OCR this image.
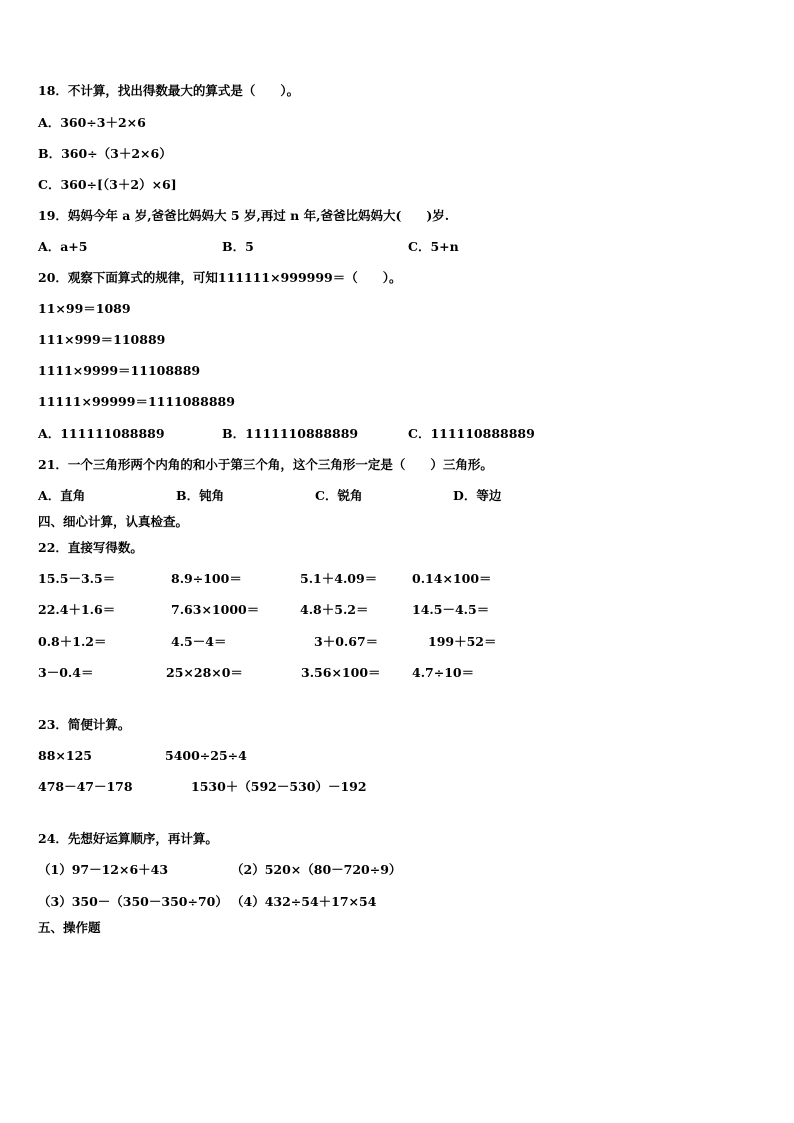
18．不计算，找出得数最大的算式是（　　）。
A．360÷3＋2×6
B．360÷（3＋2×6）
C．360÷[（3＋2）×6]
19．妈妈今年 a 岁,爸爸比妈妈大 5 岁,再过 n 年,爸爸比妈妈大(　　)岁.
A．a+5	B．5	C．5+n
20．观察下面算式的规律，可知111111×999999＝（　　）。
11×99＝1089
111×999＝110889
1111×9999＝11108889
11111×99999＝1111088889
A．111111088889	B．1111110888889	C．111110888889
21．一个三角形两个内角的和小于第三个角，这个三角形一定是（　　）三角形。
A．直角	B．钝角	C．锐角	D．等边
四、细心计算，认真检查。
22．直接写得数。
15.5－3.5＝	8.9÷100＝	5.1＋4.09＝	0.14×100＝
22.4＋1.6＝	7.63×1000＝	4.8＋5.2＝	14.5－4.5＝
0.8＋1.2＝	4.5－4＝	3＋0.67＝	199＋52＝
3－0.4＝	25×28×0＝	3.56×100＝	4.7÷10＝
23．简便计算。
88×125	5400÷25÷4
478－47－178	1530＋（592－530）－192
24．先想好运算顺序，再计算。
（1）97－12×6＋43	（2）520×（80－720÷9）
（3）350－（350－350÷70） （4）432÷54＋17×54
五、操作题
